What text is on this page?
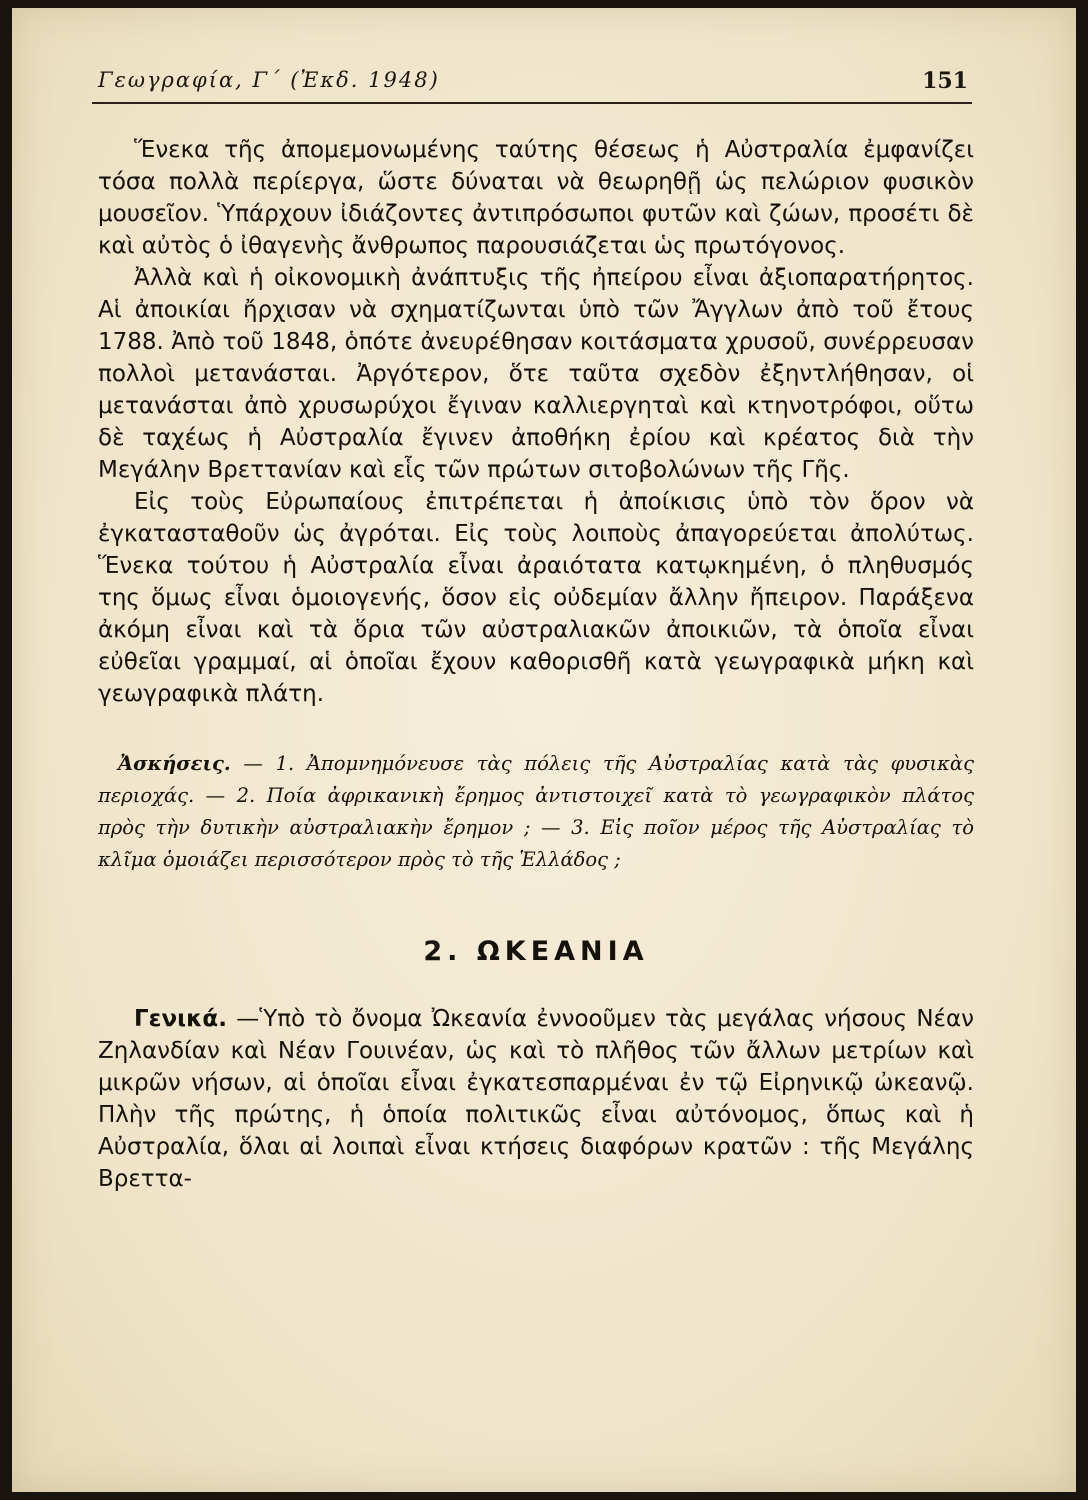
Γεωγραφία, Γ΄ (Ἐκδ. 1948)	151

Ἕνεκα τῆς ἀπομεμονωμένης ταύτης θέσεως ἡ Αὐστραλία ἐμφανίζει τόσα πολλὰ περίεργα, ὥστε δύναται νὰ θεωρηθῇ ὡς πελώριον φυσικὸν μουσεῖον. Ὑπάρχουν ἰδιάζοντες ἀντιπρόσωποι φυτῶν καὶ ζώων, προσέτι δὲ καὶ αὐτὸς ὁ ἰθαγενὴς ἄνθρωπος παρουσιάζεται ὡς πρωτόγονος.

Ἀλλὰ καὶ ἡ οἰκονομικὴ ἀνάπτυξις τῆς ἠπείρου εἶναι ἀξιοπαρατήρητος. Αἱ ἀποικίαι ἤρχισαν νὰ σχηματίζωνται ὑπὸ τῶν Ἄγγλων ἀπὸ τοῦ ἔτους 1788. Ἀπὸ τοῦ 1848, ὁπότε ἀνευρέθησαν κοιτάσματα χρυσοῦ, συνέρρευσαν πολλοὶ μετανάσται. Ἀργότερον, ὅτε ταῦτα σχεδὸν ἐξηντλήθησαν, οἱ μετανάσται ἀπὸ χρυσωρύχοι ἔγιναν καλλιεργηταὶ καὶ κτηνοτρόφοι, οὕτω δὲ ταχέως ἡ Αὐστραλία ἔγινεν ἀποθήκη ἐρίου καὶ κρέατος διὰ τὴν Μεγάλην Βρεττανίαν καὶ εἷς τῶν πρώτων σιτοβολώνων τῆς Γῆς.

Εἰς τοὺς Εὐρωπαίους ἐπιτρέπεται ἡ ἀποίκισις ὑπὸ τὸν ὅρον νὰ ἐγκατασταθοῦν ὡς ἀγρόται. Εἰς τοὺς λοιποὺς ἀπαγορεύεται ἀπολύτως. Ἕνεκα τούτου ἡ Αὐστραλία εἶναι ἀραιότατα κατῳκημένη, ὁ πληθυσμός της ὅμως εἶναι ὁμοιογενής, ὅσον εἰς οὐδεμίαν ἄλλην ἤπειρον. Παράξενα ἀκόμη εἶναι καὶ τὰ ὅρια τῶν αὐστραλιακῶν ἀποικιῶν, τὰ ὁποῖα εἶναι εὐθεῖαι γραμμαί, αἱ ὁποῖαι ἔχουν καθορισθῆ κατὰ γεωγραφικὰ μήκη καὶ γεωγραφικὰ πλάτη.

Ἀσκήσεις. — 1. Ἀπομνημόνευσε τὰς πόλεις τῆς Αὐστραλίας κατὰ τὰς φυσικὰς περιοχάς. — 2. Ποία ἀφρικανικὴ ἔρημος ἀντιστοιχεῖ κατὰ τὸ γεωγραφικὸν πλάτος πρὸς τὴν δυτικὴν αὐστραλιακὴν ἔρημον ; — 3. Εἰς ποῖον μέρος τῆς Αὐστραλίας τὸ κλῖμα ὁμοιάζει περισσότερον πρὸς τὸ τῆς Ἑλλάδος ;

2. ΩΚΕΑΝΙΑ

Γενικά. —Ὑπὸ τὸ ὄνομα Ὠκεανία ἐννοοῦμεν τὰς μεγάλας νήσους Νέαν Ζηλανδίαν καὶ Νέαν Γουινέαν, ὡς καὶ τὸ πλῆθος τῶν ἄλλων μετρίων καὶ μικρῶν νήσων, αἱ ὁποῖαι εἶναι ἐγκατεσπαρμέναι ἐν τῷ Εἰρηνικῷ ὠκεανῷ. Πλὴν τῆς πρώτης, ἡ ὁποία πολιτικῶς εἶναι αὐτόνομος, ὅπως καὶ ἡ Αὐστραλία, ὅλαι αἱ λοιπαὶ εἶναι κτήσεις διαφόρων κρατῶν : τῆς Μεγάλης Βρεττα-
